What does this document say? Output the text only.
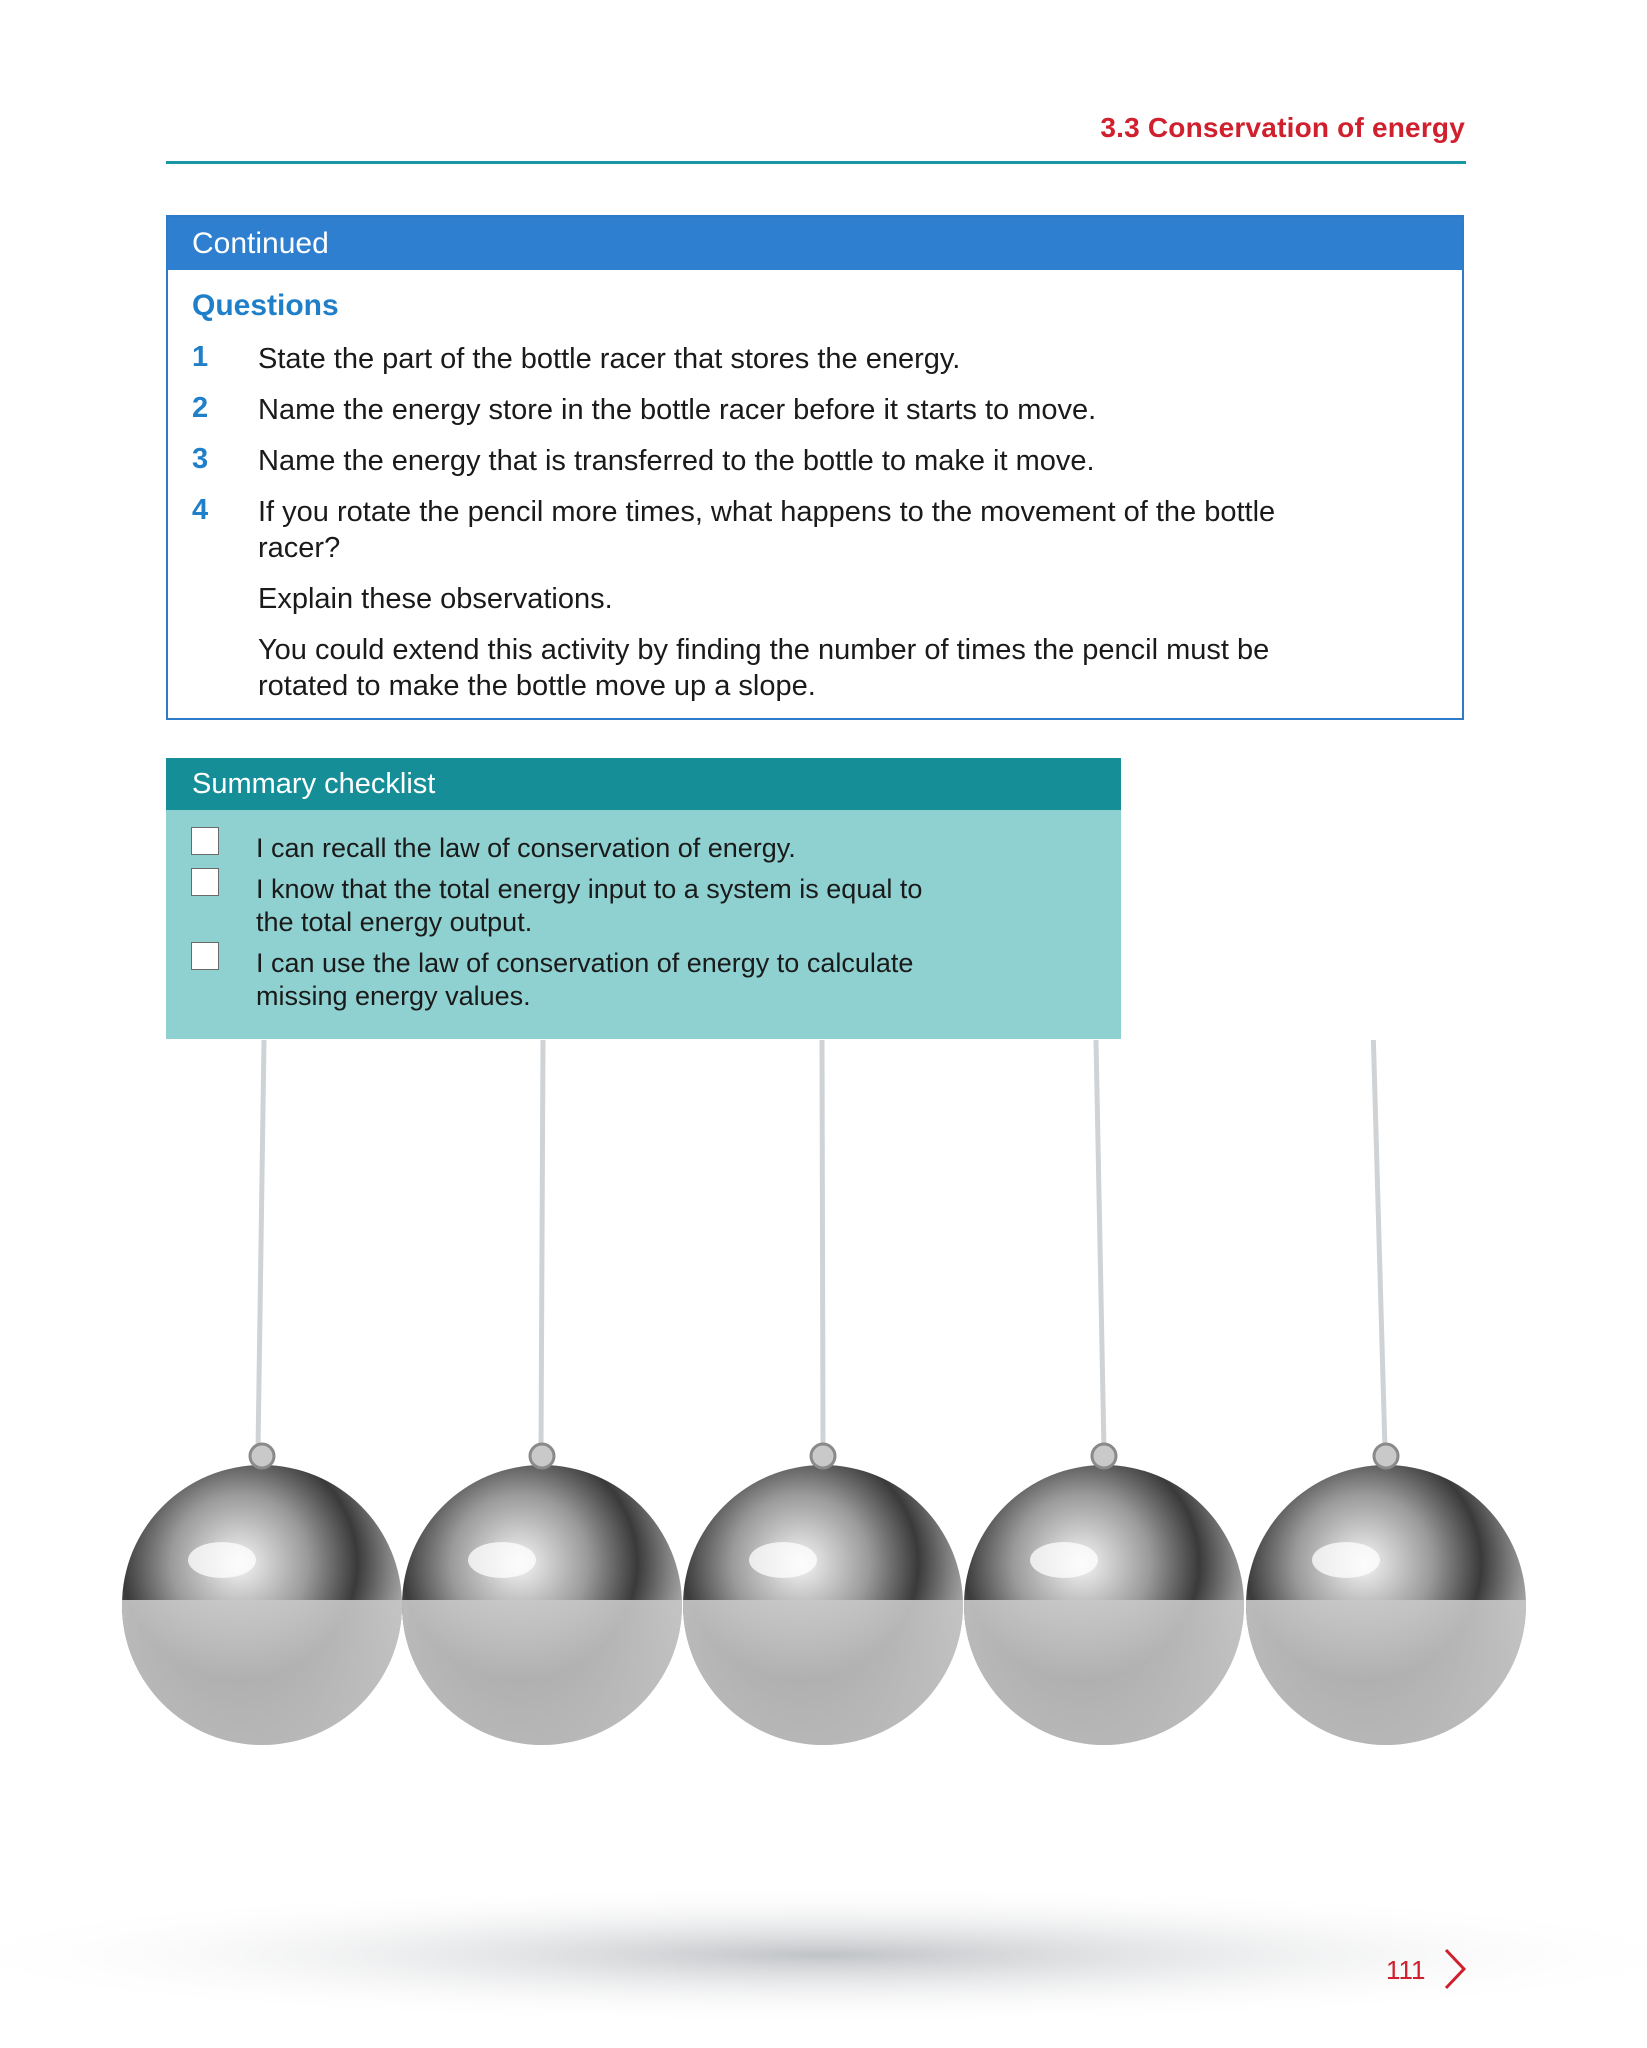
3.3 Conservation of energy
Continued
Questions
1 State the part of the bottle racer that stores the energy.
2 Name the energy store in the bottle racer before it starts to move.
3 Name the energy that is transferred to the bottle to make it move.
4 If you rotate the pencil more times, what happens to the movement of the bottle racer?
Explain these observations.
You could extend this activity by finding the number of times the pencil must be rotated to make the bottle move up a slope.
Summary checklist
I can recall the law of conservation of energy.
I know that the total energy input to a system is equal to the total energy output.
I can use the law of conservation of energy to calculate missing energy values.
111
